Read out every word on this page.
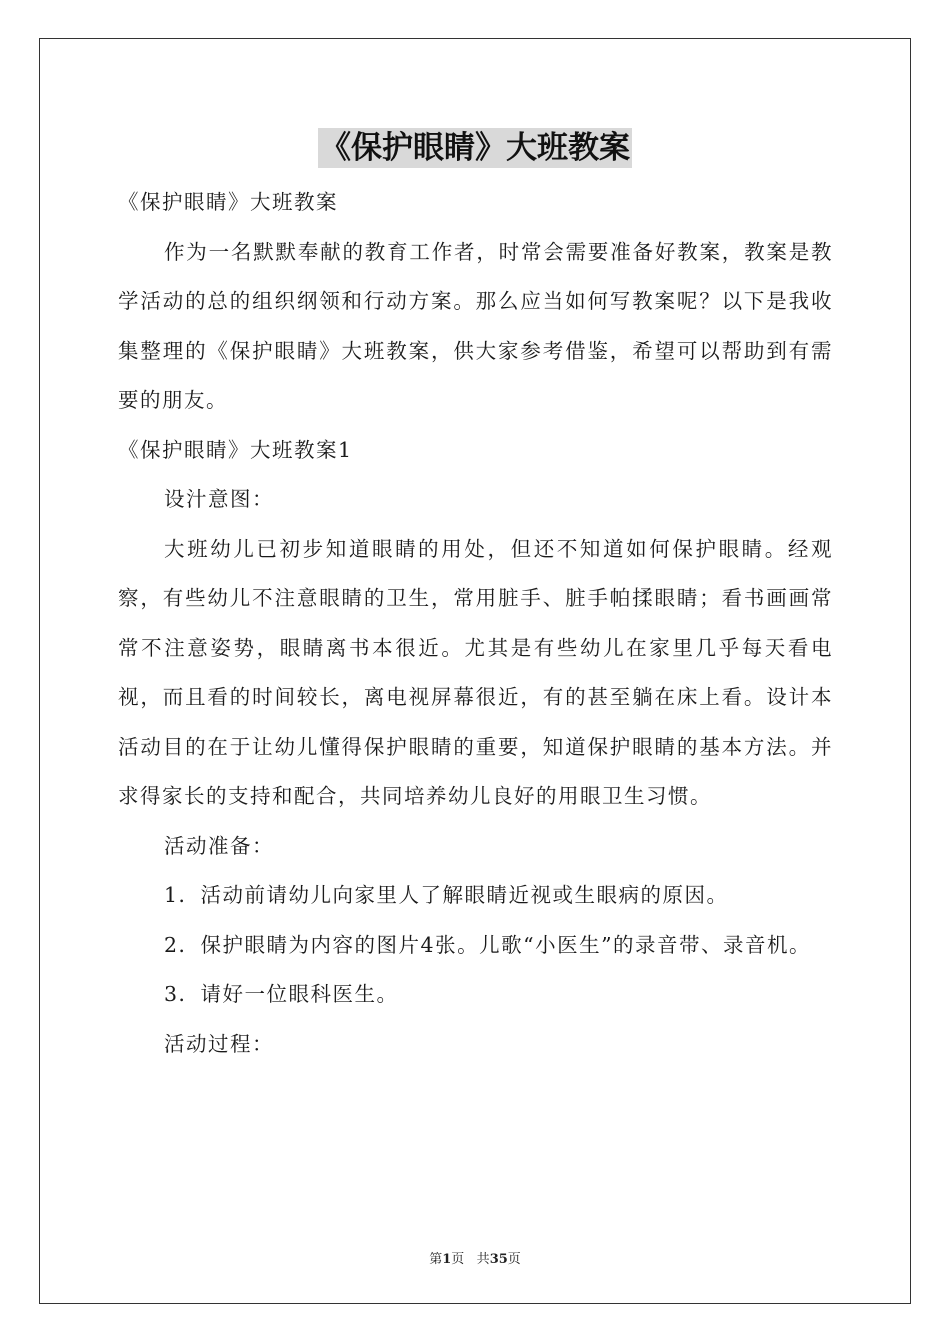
《保护眼睛》大班教案

《保护眼睛》大班教案

作为一名默默奉献的教育工作者，时常会需要准备好教案，教案是教学活动的总的组织纲领和行动方案。那么应当如何写教案呢？以下是我收集整理的《保护眼睛》大班教案，供大家参考借鉴，希望可以帮助到有需要的朋友。

《保护眼睛》大班教案1

设汁意图：

大班幼儿已初步知道眼睛的用处，但还不知道如何保护眼睛。经观察，有些幼儿不注意眼睛的卫生，常用脏手、脏手帕揉眼睛；看书画画常常不注意姿势，眼睛离书本很近。尤其是有些幼儿在家里几乎每天看电视，而且看的时间较长，离电视屏幕很近，有的甚至躺在床上看。设计本活动目的在于让幼儿懂得保护眼睛的重要，知道保护眼睛的基本方法。并求得家长的支持和配合，共同培养幼儿良好的用眼卫生习惯。

活动准备：

1．活动前请幼儿向家里人了解眼睛近视或生眼病的原因。

2．保护眼睛为内容的图片4张。儿歌“小医生”的录音带、录音机。

3．请好一位眼科医生。

活动过程：

第1页 共35页
